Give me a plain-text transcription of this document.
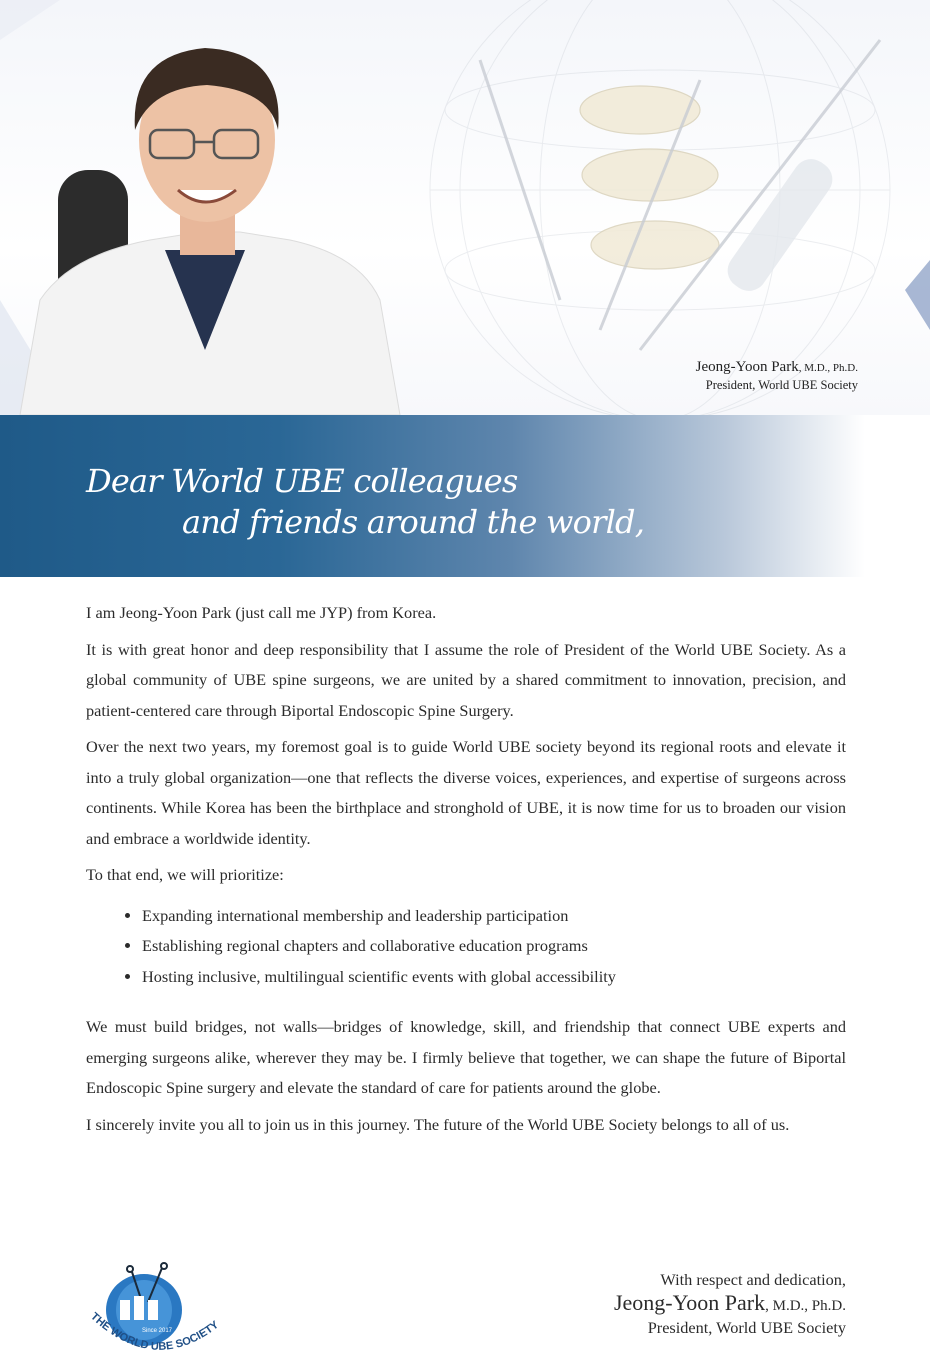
Jeong-Yoon Park, M.D., Ph.D.
President, World UBE Society
Dear World UBE colleagues
and friends around the world,

I am Jeong-Yoon Park (just call me JYP) from Korea.

It is with great honor and deep responsibility that I assume the role of President of the World UBE Society. As a global community of UBE spine surgeons, we are united by a shared commitment to innovation, precision, and patient-centered care through Biportal Endoscopic Spine Surgery.

Over the next two years, my foremost goal is to guide World UBE society beyond its regional roots and elevate it into a truly global organization—one that reflects the diverse voices, experiences, and expertise of surgeons across continents. While Korea has been the birthplace and stronghold of UBE, it is now time for us to broaden our vision and embrace a worldwide identity.

To that end, we will prioritize:

• Expanding international membership and leadership participation
• Establishing regional chapters and collaborative education programs
• Hosting inclusive, multilingual scientific events with global accessibility

We must build bridges, not walls—bridges of knowledge, skill, and friendship that connect UBE experts and emerging surgeons alike, wherever they may be. I firmly believe that together, we can shape the future of Biportal Endoscopic Spine surgery and elevate the standard of care for patients around the globe.

I sincerely invite you all to join us in this journey. The future of the World UBE Society belongs to all of us.

Since 2017
THE WORLD UBE SOCIETY
With respect and dedication,
Jeong-Yoon Park, M.D., Ph.D.
President, World UBE Society
